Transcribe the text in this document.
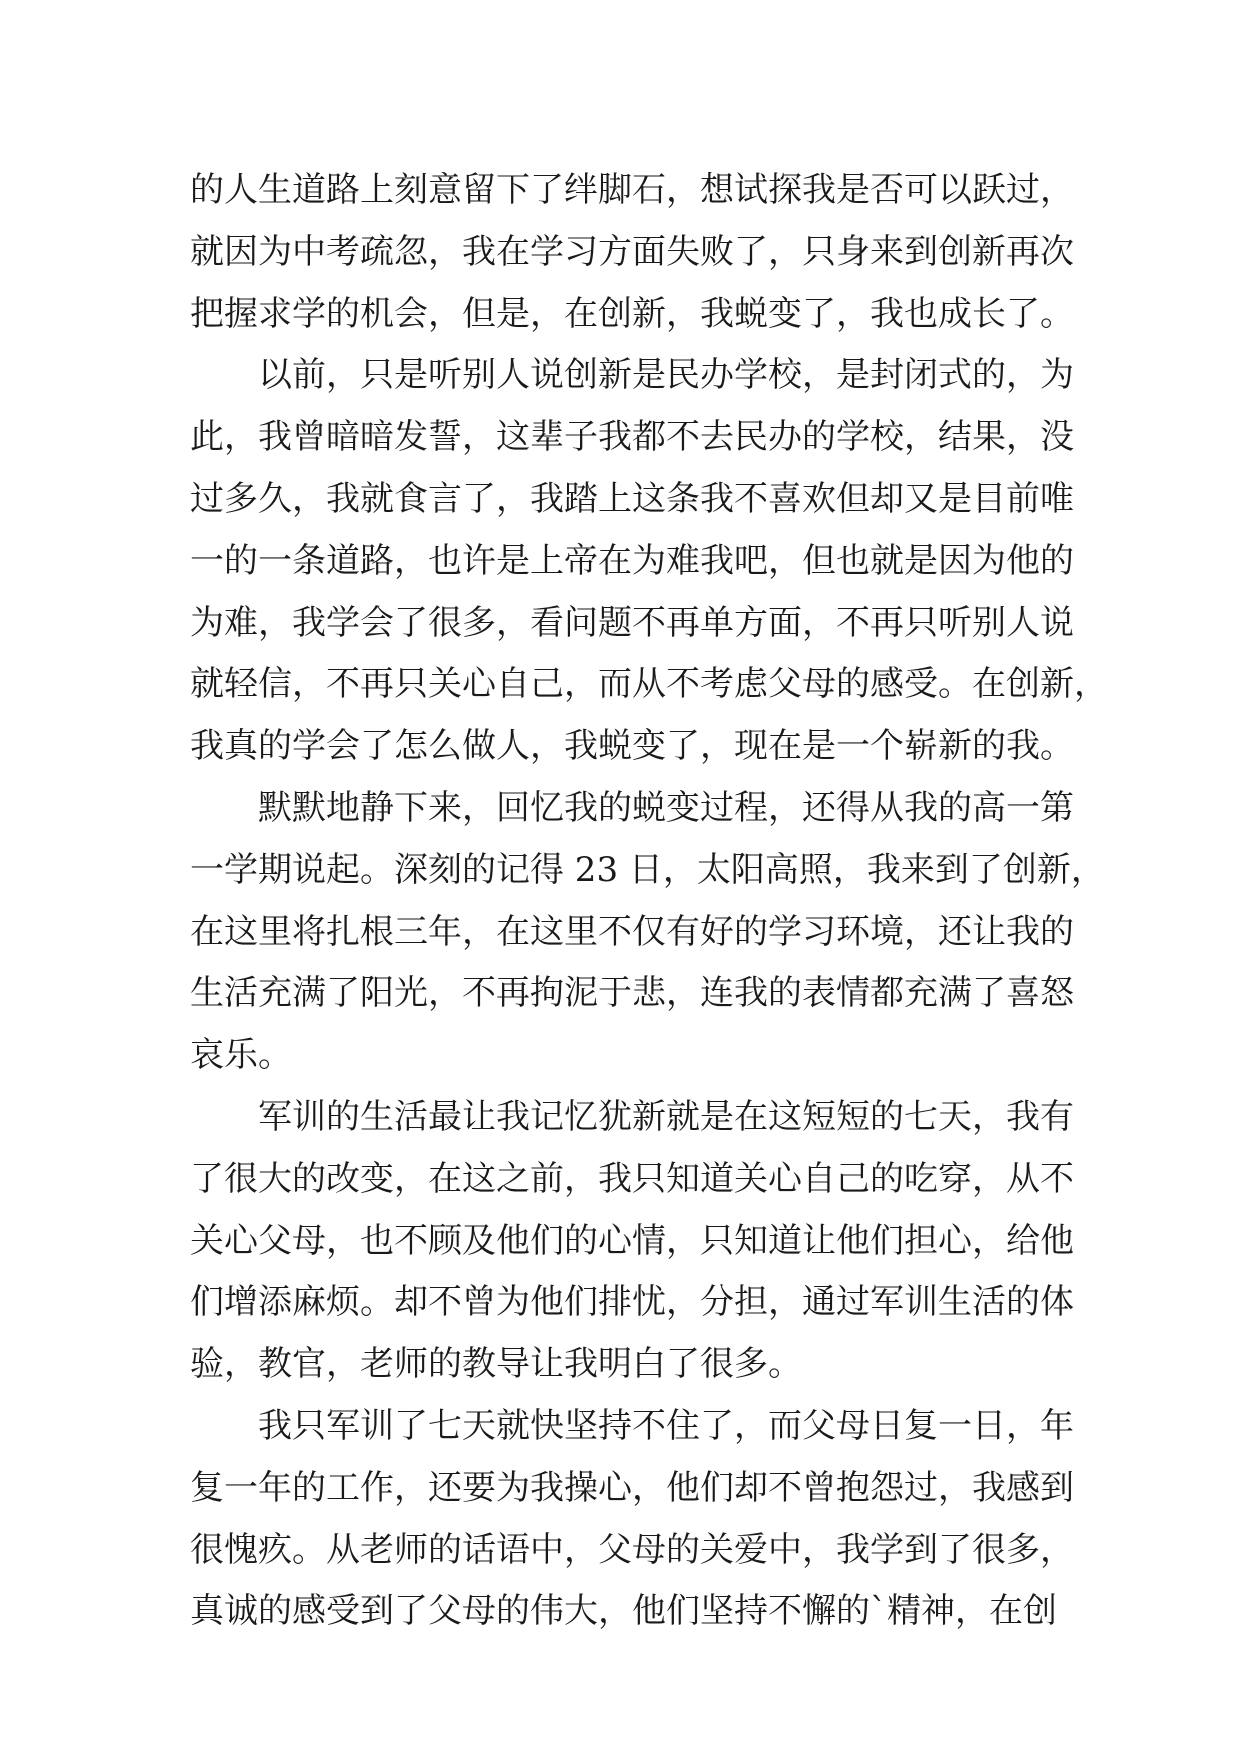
的人生道路上刻意留下了绊脚石，想试探我是否可以跃过，
就因为中考疏忽，我在学习方面失败了，只身来到创新再次
把握求学的机会，但是，在创新，我蜕变了，我也成长了。
以前，只是听别人说创新是民办学校，是封闭式的，为
此，我曾暗暗发誓，这辈子我都不去民办的学校，结果，没
过多久，我就食言了，我踏上这条我不喜欢但却又是目前唯
一的一条道路，也许是上帝在为难我吧，但也就是因为他的
为难，我学会了很多，看问题不再单方面，不再只听别人说
就轻信，不再只关心自己，而从不考虑父母的感受。在创新，
我真的学会了怎么做人，我蜕变了，现在是一个崭新的我。
默默地静下来，回忆我的蜕变过程，还得从我的高一第
一学期说起。深刻的记得 23 日，太阳高照，我来到了创新，
在这里将扎根三年，在这里不仅有好的学习环境，还让我的
生活充满了阳光，不再拘泥于悲，连我的表情都充满了喜怒
哀乐。
军训的生活最让我记忆犹新就是在这短短的七天，我有
了很大的改变，在这之前，我只知道关心自己的吃穿，从不
关心父母，也不顾及他们的心情，只知道让他们担心，给他
们增添麻烦。却不曾为他们排忧，分担，通过军训生活的体
验，教官，老师的教导让我明白了很多。
我只军训了七天就快坚持不住了，而父母日复一日，年
复一年的工作，还要为我操心，他们却不曾抱怨过，我感到
很愧疚。从老师的话语中，父母的关爱中，我学到了很多，
真诚的感受到了父母的伟大，他们坚持不懈的`精神，在创
